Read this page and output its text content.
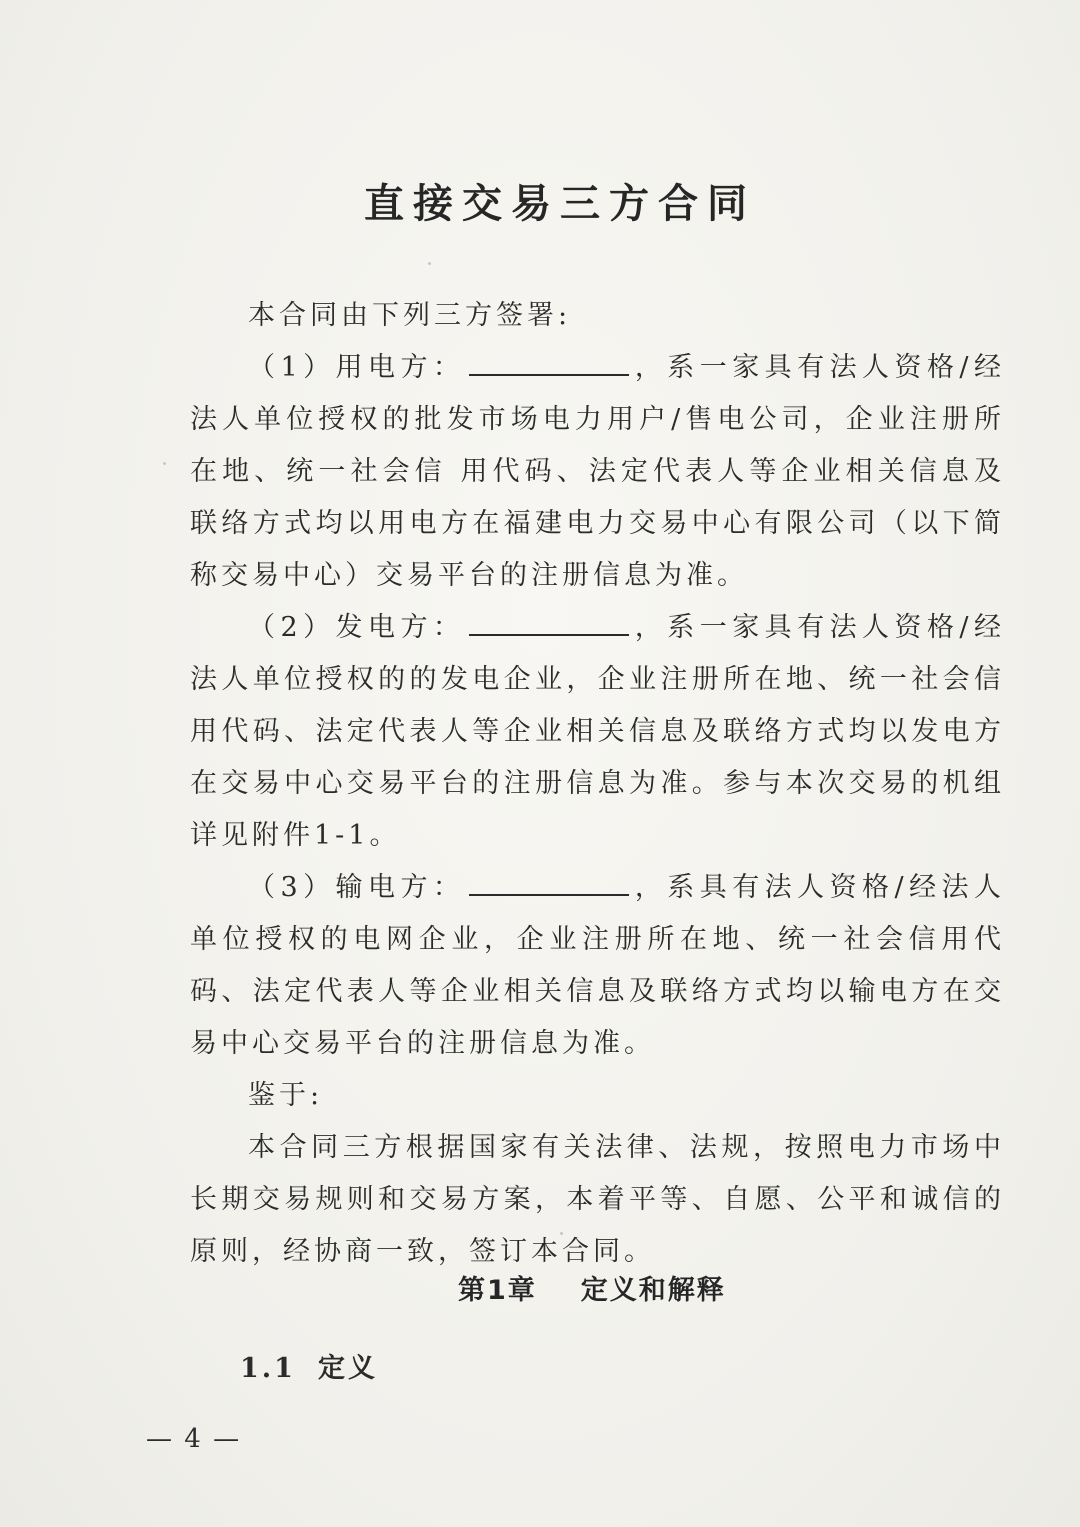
直接交易三方合同

本合同由下列三方签署:

（1）用电方：	，系一家具有法人资格/经法人单位授权的批发市场电力用户/售电公司，企业注册所在地、统一社会信 用代码、法定代表人等企业相关信息及联络方式均以用电方在福建电力交易中心有限公司（以下简称交易中心）交易平台的注册信息为准。

（2）发电方：	，系一家具有法人资格/经法人单位授权的的发电企业，企业注册所在地、统一社会信用代码、法定代表人等企业相关信息及联络方式均以发电方在交易中心交易平台的注册信息为准。参与本次交易的机组详见附件1-1。

（3）输电方：	，系具有法人资格/经法人单位授权的电网企业，企业注册所在地、统一社会信用代码、法定代表人等企业相关信息及联络方式均以输电方在交易中心交易平台的注册信息为准。

鉴于:

本合同三方根据国家有关法律、法规，按照电力市场中长期交易规则和交易方案，本着平等、自愿、公平和诚信的原则，经协商一致，签订本合同。

第1章 定义和解释
1.1 定义
— 4 —
